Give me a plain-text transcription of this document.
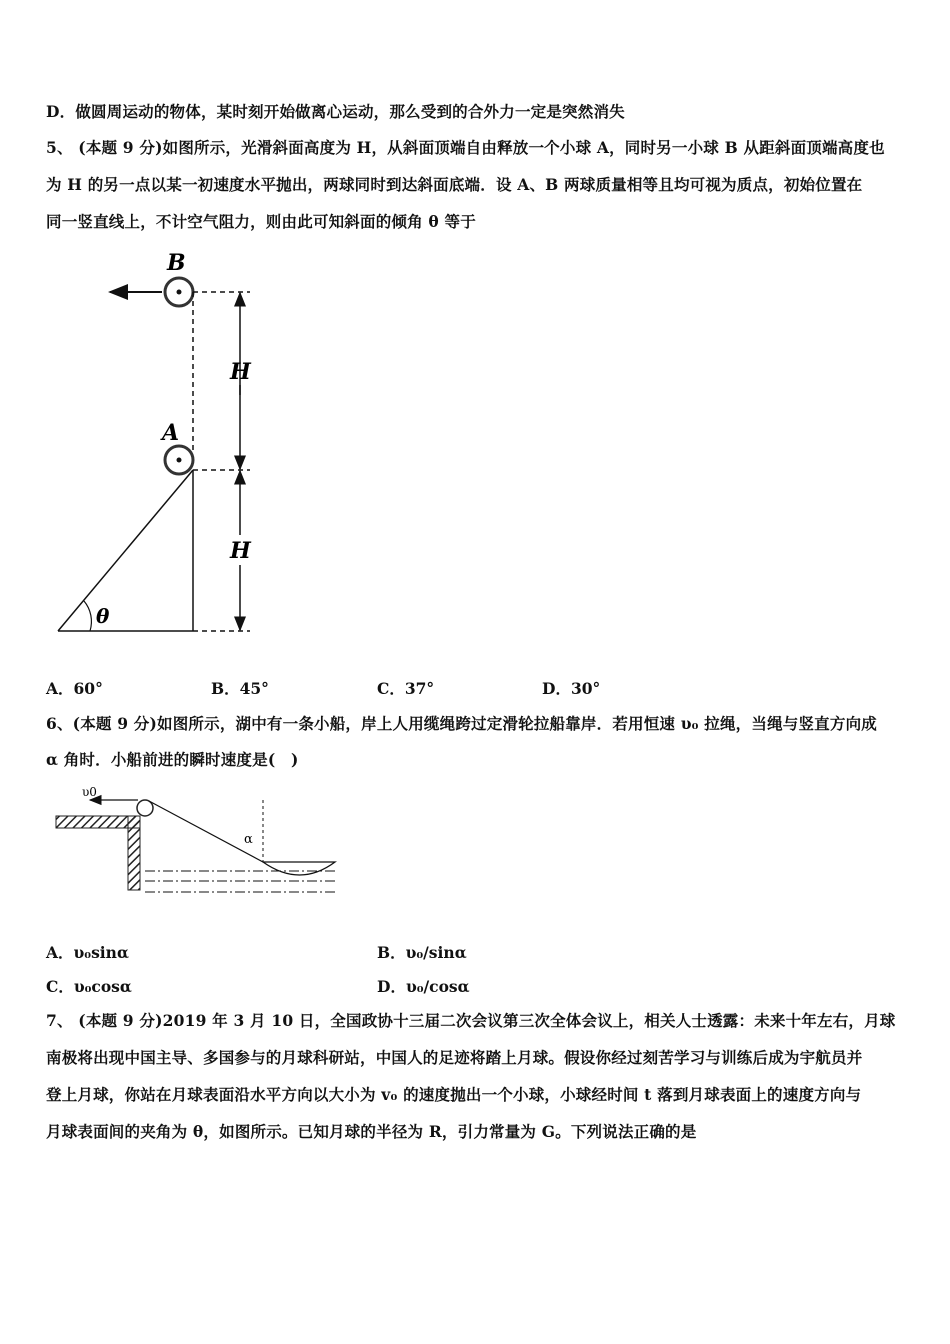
D．做圆周运动的物体，某时刻开始做离心运动，那么受到的合外力一定是突然消失
5、 (本题 9 分)如图所示，光滑斜面高度为 H，从斜面顶端自由释放一个小球 A，同时另一小球 B 从距斜面顶端高度也
为 H 的另一点以某一初速度水平抛出，两球同时到达斜面底端．设 A、B 两球质量相等且均可视为质点，初始位置在
同一竖直线上，不计空气阻力，则由此可知斜面的倾角 θ 等于
B
A
θ
H
H
A．60°	B．45°	C．37°	D．30°
6、(本题 9 分)如图所示，湖中有一条小船，岸上人用缆绳跨过定滑轮拉船靠岸．若用恒速 υ₀ 拉绳，当绳与竖直方向成
α 角时．小船前进的瞬时速度是(　)
υ0
α
A．υ₀sinα	B．υ₀/sinα
C．υ₀cosα	D．υ₀/cosα
7、 (本题 9 分)2019 年 3 月 10 日，全国政协十三届二次会议第三次全体会议上，相关人士透露：未来十年左右，月球
南极将出现中国主导、多国参与的月球科研站，中国人的足迹将踏上月球。假设你经过刻苦学习与训练后成为宇航员并
登上月球，你站在月球表面沿水平方向以大小为 v₀ 的速度抛出一个小球，小球经时间 t 落到月球表面上的速度方向与
月球表面间的夹角为 θ，如图所示。已知月球的半径为 R，引力常量为 G。下列说法正确的是
